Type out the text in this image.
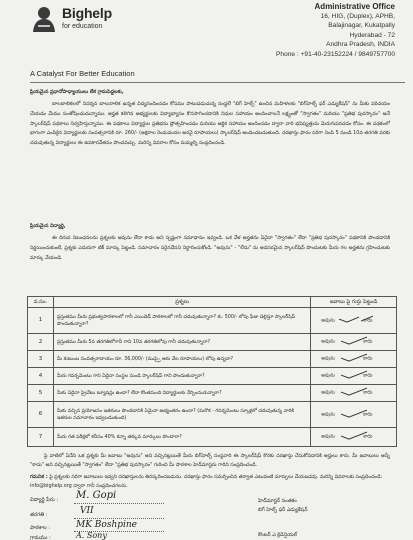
Bighelp
for education
A Catalyst For Better Education
Administrative Office
16, HIG, (Duplex), APHB,
Balajinagar, Kukatpally
Hyderabad - 72
Andhra Pradesh, INDIA
Phone : +91-40-23152224 / 9849757700
ప్రియమైన ప్రధానోపాధ్యాయులు లేక గ్రామపెద్దలకు,
బాలబాలికలలో నిదర్శన బాలురాలిక ఉన్నత విద్యనందించడం కోసము పాటుపడుచున్న సంస్థలే "బిగ్ హెల్ప్" ఉంచిన మహిళలకు "బిగ్‌హెల్ప్ ఫర్ ఎడ్యుకేషన్" ను మీకు పరిచయం చేయడం మేము సంతోషించుచున్నాము. అర్హత కలిగిన అభ్యర్థులకు విద్యాభ్యాసం కొనసాగించడానికి నిధుల సహాయం అందించాలనే లక్ష్యంతో "స్వాగతం" మరియు "ప్రతిభ పురస్కారం" అనే స్కాలర్‌షిప్ పథకాలు నిర్వహిస్తున్నాము. ఈ పథకాలు విద్యార్థుల ప్రతిభను ప్రోత్సహించడం మరియు ఆర్థిక సహాయం అందించడం ద్వారా వారి భవిష్యత్తును మెరుగుపరచడం కోసం. ఈ పథకంలో భాగంగా ఎంపికైన విద్యార్థులకు సంవత్సరానికి రూ. 260/- (అక్షరాల రెండువందల అరవై రూపాయలు) స్కాలర్‌షిప్ అందించబడుతుంది. దరఖాస్తు ఫారం సరిగా నింపి 5 నుండి 10వ తరగతి వరకు చదువుతున్న విద్యార్థులు ఈ ఉపకారవేతనం పొందవచ్చు. మరిన్ని వివరాల కోసం మమ్మల్ని సంప్రదించండి.
ప్రియమైన విద్యార్థి,
ఈ దిగువ నిబంధనలను ప్రశ్నలకు అవును లేదా కాదు అని స్పష్టంగా సమాధానం ఇవ్వండి. ఒక వేళ అర్హతను ఏదైనా "స్వాగతం" లేదా "ప్రతిభ పురస్కారం" పథకానికి పొందడానికి నిర్ణయించుకుంటే, ప్రశ్నకు ఎదురుగా టిక్ మార్కు పెట్టండి. సమాచారం సరైనదేనని నిర్ధారించుకోండి. "అవును" - "లేదు" ను అవసరమైన స్కాలర్‌షిప్ పొందుటకు మీరు గల అర్హతను గ్రహించుటకు మార్కు వేయండి.
వ.సం.	ప్రశ్నలు	జవాబు పై గుర్తు పెట్టండి
1	ప్రస్తుతము మీరు ప్రభుత్వపాఠశాలలో గానీ ఎయిడెడ్ పాఠశాలలో గానీ చదువుతున్నారా? కు. 500/- లోపు ఫీజు చెల్లిస్తూ స్కాలర్‌షిప్ పొందుతున్నారా?	అవును కాదు

2	ప్రస్తుతము మీరు 5వ తరగతిలోగానీ గాని 10వ తరగతిలోపు గానీ చదువుతున్నారా?	అవును కాదు

3	మీ కుటుంబ సంవత్సరాదాయం రూ. 36,000/- (ముప్పై ఆరు వేల రూపాయలు) లోపు ఉన్నదా?	అవును కాదు

4	మీరు గవర్నమెంటు గాని ఏదైనా సంస్థల నుండి స్కాలర్‌షిప్ గాని పొందుతున్నారా?	అవును కాదు

5	మీకు ఏదైనా ప్రైవేటు ట్యూషన్లు ఉందా? లేదా కొంతమంది విద్యార్థులకు నేర్పించుచున్నారా?	అవును కాదు

6	మీకు వచ్చిన ప్రయోజనం ఇతరులు పొందడానికి ఏమైనా అభ్యంతరం ఉందా? (మరొక - గవర్నమెంటు స్కూళ్లలో చదువుతున్న వారికి ఇతరుల సమాచారం ఇవ్వబడుతుంది)	అవును కాదు

7	మీరు గత పరీక్షలో కనీసం 40% కన్నా తక్కువ మార్కులు పొందారా?	అవును కాదు
పై వాటిలో ఏదేని ఒక ప్రశ్నకు మీ జవాబు "అవును" అని వచ్చినట్లయితే మీరు బిగ్‌హెల్ప్ సంస్థవారి ఈ స్కాలర్‌షిప్ కొరకు దరఖాస్తు చేసుకోవడానికి అర్హులు కారు. మీ జవాబులు అన్నీ "కాదు" అని వచ్చినట్లయితే "స్వాగతం" లేదా "ప్రతిభ పురస్కారం" గురించి మీ పాఠశాల హెడ్‌మాస్టరు గారిని సంప్రదించండి.
గమనిక : పై ప్రశ్నలకు సరిగా జవాబులు ఇవ్వని దరఖాస్తులను తిరస్కరించబడును. దరఖాస్తు ఫారం సమర్పించిన తర్వాత ఎటువంటి మార్పులు చేయబడవు. మరిన్ని వివరాలకు సంప్రదించండి:
info@bighelp.org ద్వారా గానీ సంప్రదించగలరు.
విద్యార్థి పేరు : M. Gopi
తరగతి :	VII
పాఠశాల :	MK Boshpine
గ్రామము :	A. Sony
హెడ్‌మాస్టర్ సంతకం
బిగ్ హెల్ప్ ఫర్ ఎడ్యుకేషన్
కౌంటర్ ఎ క్రెడెన్షియల్
